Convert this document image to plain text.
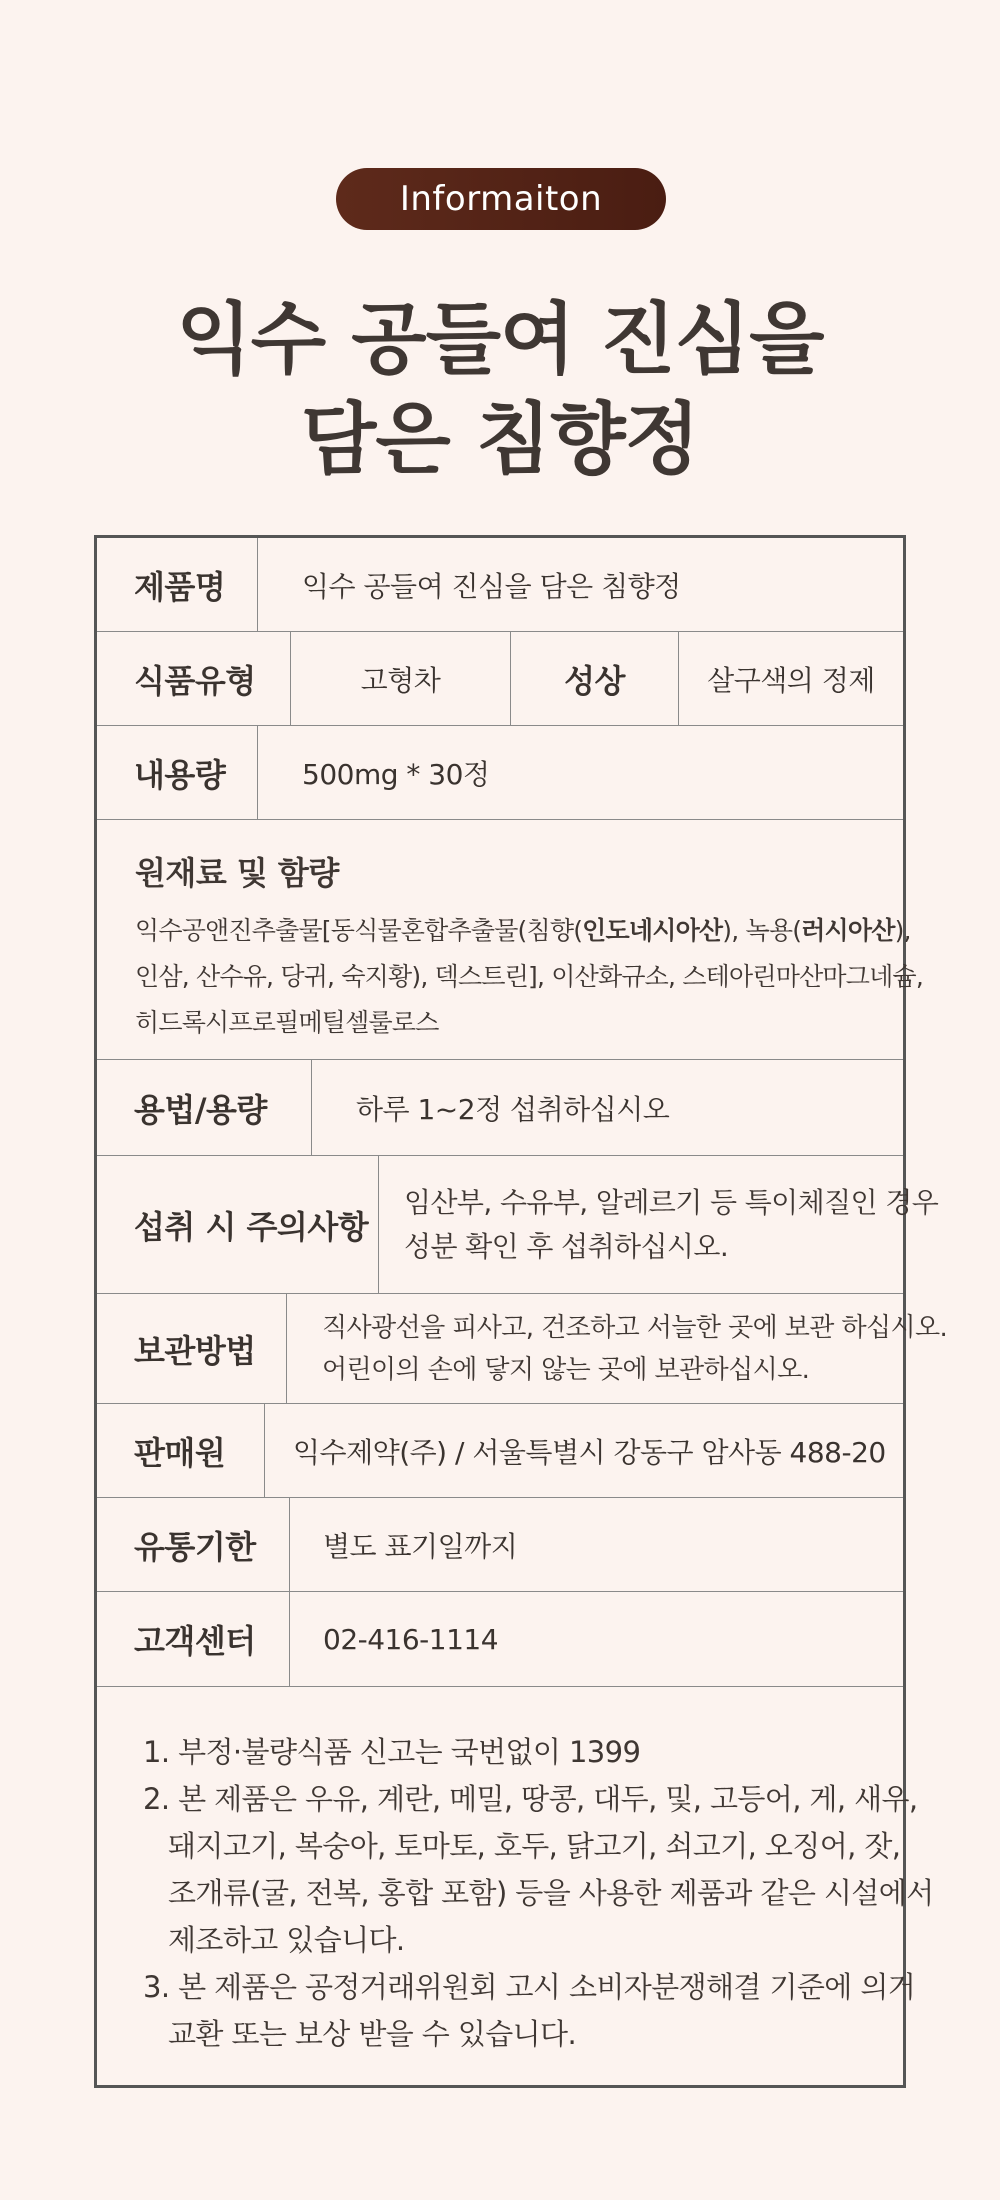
Informaiton
익수 공들여 진심을
담은 침향정
제품명	익수 공들여 진심을 담은 침향정
식품유형	고형차	성상	살구색의 정제
내용량	500mg * 30정
원재료 및 함량
익수공앤진추출물[동식물혼합추출물(침향(인도네시아산), 녹용(러시아산),
인삼, 산수유, 당귀, 숙지황), 덱스트린], 이산화규소, 스테아린마산마그네슘,
히드록시프로필메틸셀룰로스
용법/용량	하루 1~2정 섭취하십시오
섭취 시 주의사항
임산부, 수유부, 알레르기 등 특이체질인 경우
성분 확인 후 섭취하십시오.
보관방법
직사광선을 피사고, 건조하고 서늘한 곳에 보관 하십시오.
어린이의 손에 닿지 않는 곳에 보관하십시오.
판매원	익수제약(주) / 서울특별시 강동구 암사동 488-20
유통기한	별도 표기일까지
고객센터	02-416-1114
1. 부정·불량식품 신고는 국번없이 1399
2. 본 제품은 우유, 계란, 메밀, 땅콩, 대두, 및, 고등어, 게, 새우,
돼지고기, 복숭아, 토마토, 호두, 닭고기, 쇠고기, 오징어, 잣,
조개류(굴, 전복, 홍합 포함) 등을 사용한 제품과 같은 시설에서
제조하고 있습니다.
3. 본 제품은 공정거래위원회 고시 소비자분쟁해결 기준에 의거
교환 또는 보상 받을 수 있습니다.
